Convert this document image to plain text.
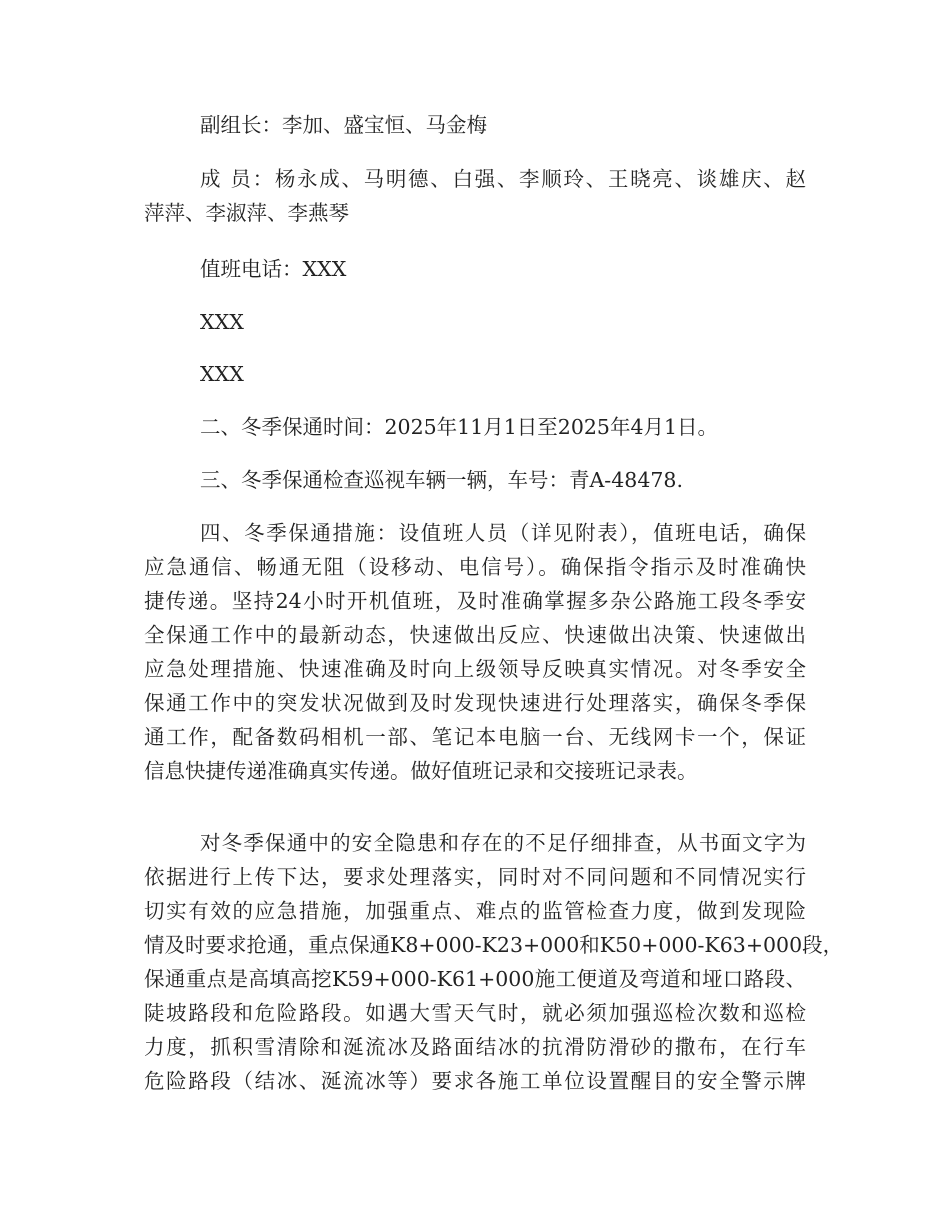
副组长：李加、盛宝恒、马金梅

成 员：杨永成、马明德、白强、李顺玲、王晓亮、谈雄庆、赵
萍萍、李淑萍、李燕琴

值班电话：XXX

XXX

XXX

二、冬季保通时间：2025年11月1日至2025年4月1日。

三、冬季保通检查巡视车辆一辆，车号：青A-48478.

四、冬季保通措施：设值班人员（详见附表），值班电话，确保
应急通信、畅通无阻（设移动、电信号）。确保指令指示及时准确快
捷传递。坚持24小时开机值班，及时准确掌握多杂公路施工段冬季安
全保通工作中的最新动态，快速做出反应、快速做出决策、快速做出
应急处理措施、快速准确及时向上级领导反映真实情况。对冬季安全
保通工作中的突发状况做到及时发现快速进行处理落实，确保冬季保
通工作，配备数码相机一部、笔记本电脑一台、无线网卡一个，保证
信息快捷传递准确真实传递。做好值班记录和交接班记录表。

对冬季保通中的安全隐患和存在的不足仔细排查，从书面文字为
依据进行上传下达，要求处理落实，同时对不同问题和不同情况实行
切实有效的应急措施，加强重点、难点的监管检查力度，做到发现险
情及时要求抢通，重点保通K8+000-K23+000和K50+000-K63+000段，
保通重点是高填高挖K59+000-K61+000施工便道及弯道和垭口路段、
陡坡路段和危险路段。如遇大雪天气时，就必须加强巡检次数和巡检
力度，抓积雪清除和涎流冰及路面结冰的抗滑防滑砂的撒布，在行车
危险路段（结冰、涎流冰等）要求各施工单位设置醒目的安全警示牌
